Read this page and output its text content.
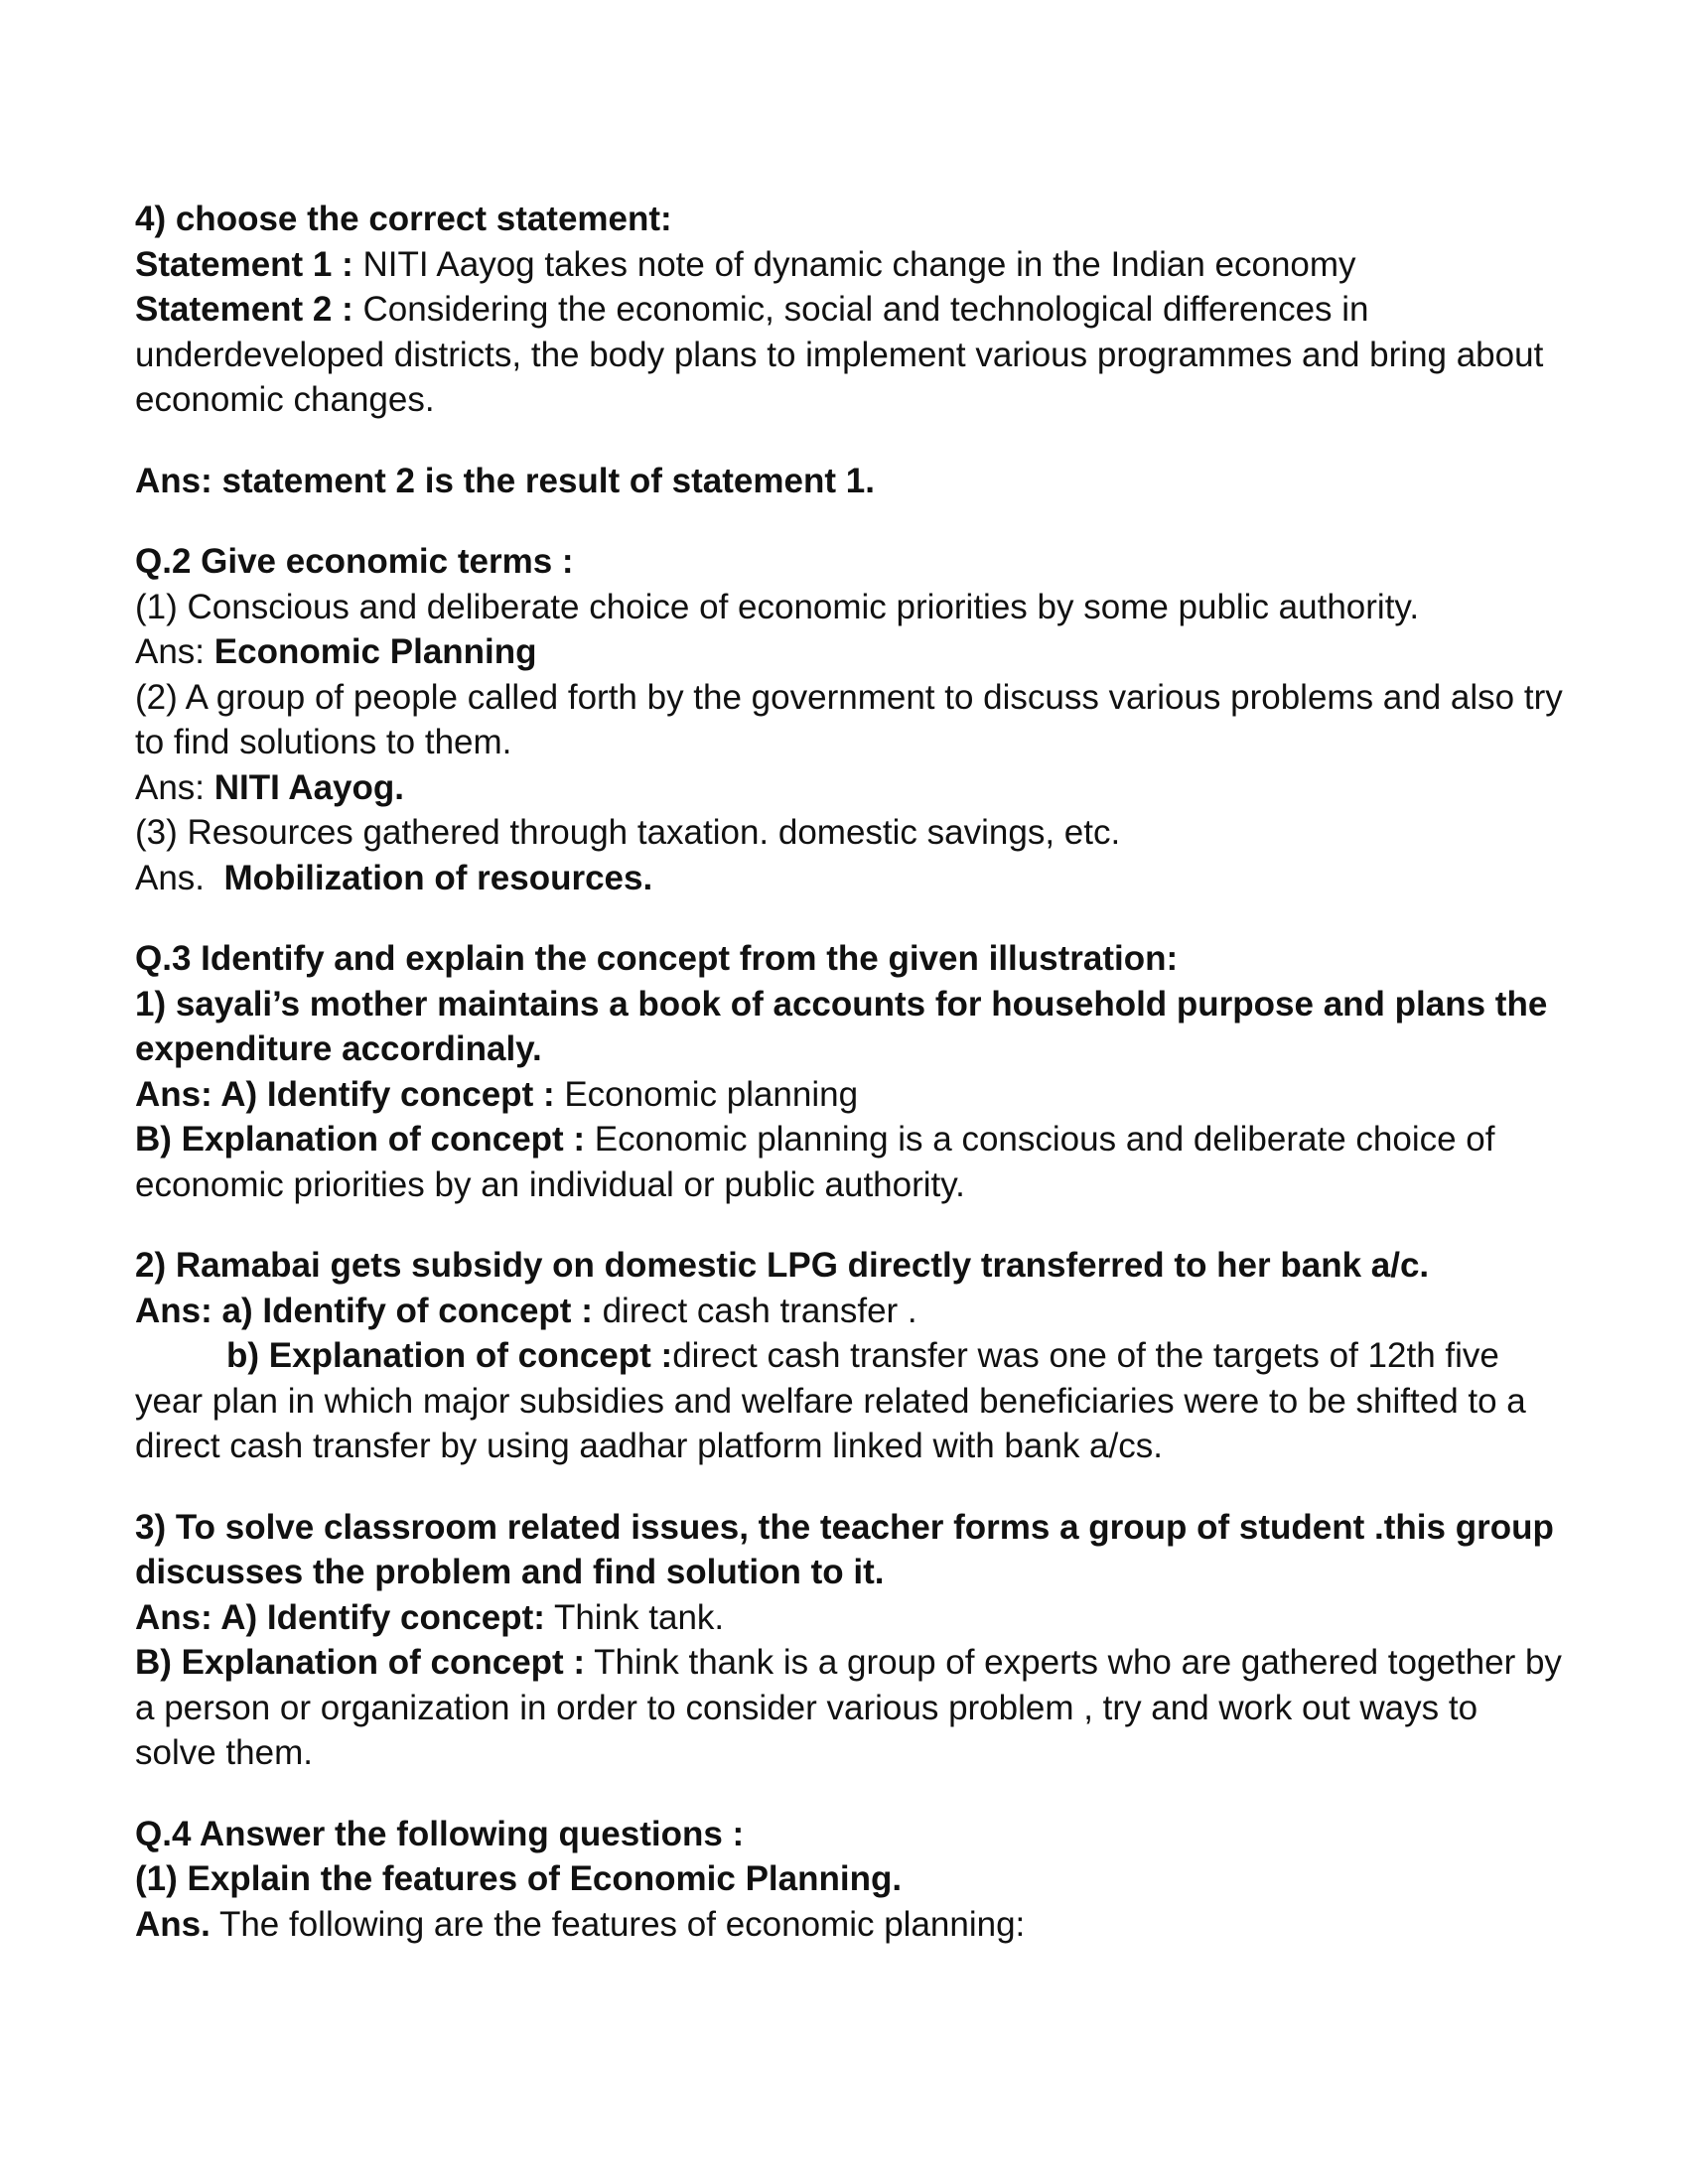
4) choose the correct statement:

Statement 1 : NITI Aayog takes note of dynamic change in the Indian economy

Statement 2 : Considering the economic, social and technological differences in underdeveloped districts, the body plans to implement various programmes and bring about economic changes.

Ans: statement 2 is the result of statement 1.

Q.2 Give economic terms :

(1) Conscious and deliberate choice of economic priorities by some public authority.

Ans: Economic Planning

(2) A group of people called forth by the government to discuss various problems and also try to find solutions to them.

Ans: NITI Aayog.

(3) Resources gathered through taxation. domestic savings, etc.

Ans.  Mobilization of resources.

Q.3 Identify and explain the concept from the given illustration:

1) sayali’s mother maintains a book of accounts for household purpose and plans the expenditure accordinaly.

Ans: A) Identify concept : Economic planning

B) Explanation of concept : Economic planning is a conscious and deliberate choice of economic priorities by an individual or public authority.

2) Ramabai gets subsidy on domestic LPG directly transferred to her bank a/c.

Ans: a) Identify of concept : direct cash transfer .

b) Explanation of concept :direct cash transfer was one of the targets of 12th five year plan in which major subsidies and welfare related beneficiaries were to be shifted to a direct cash transfer by using aadhar platform linked with bank a/cs.

3) To solve classroom related issues, the teacher forms a group of student .this group discusses the problem and find solution to it.

Ans: A) Identify concept: Think tank.

B) Explanation of concept : Think thank is a group of experts who are gathered together by a person or organization in order to consider various problem , try and work out ways to solve them.

Q.4 Answer the following questions :

(1) Explain the features of Economic Planning.

Ans. The following are the features of economic planning:
